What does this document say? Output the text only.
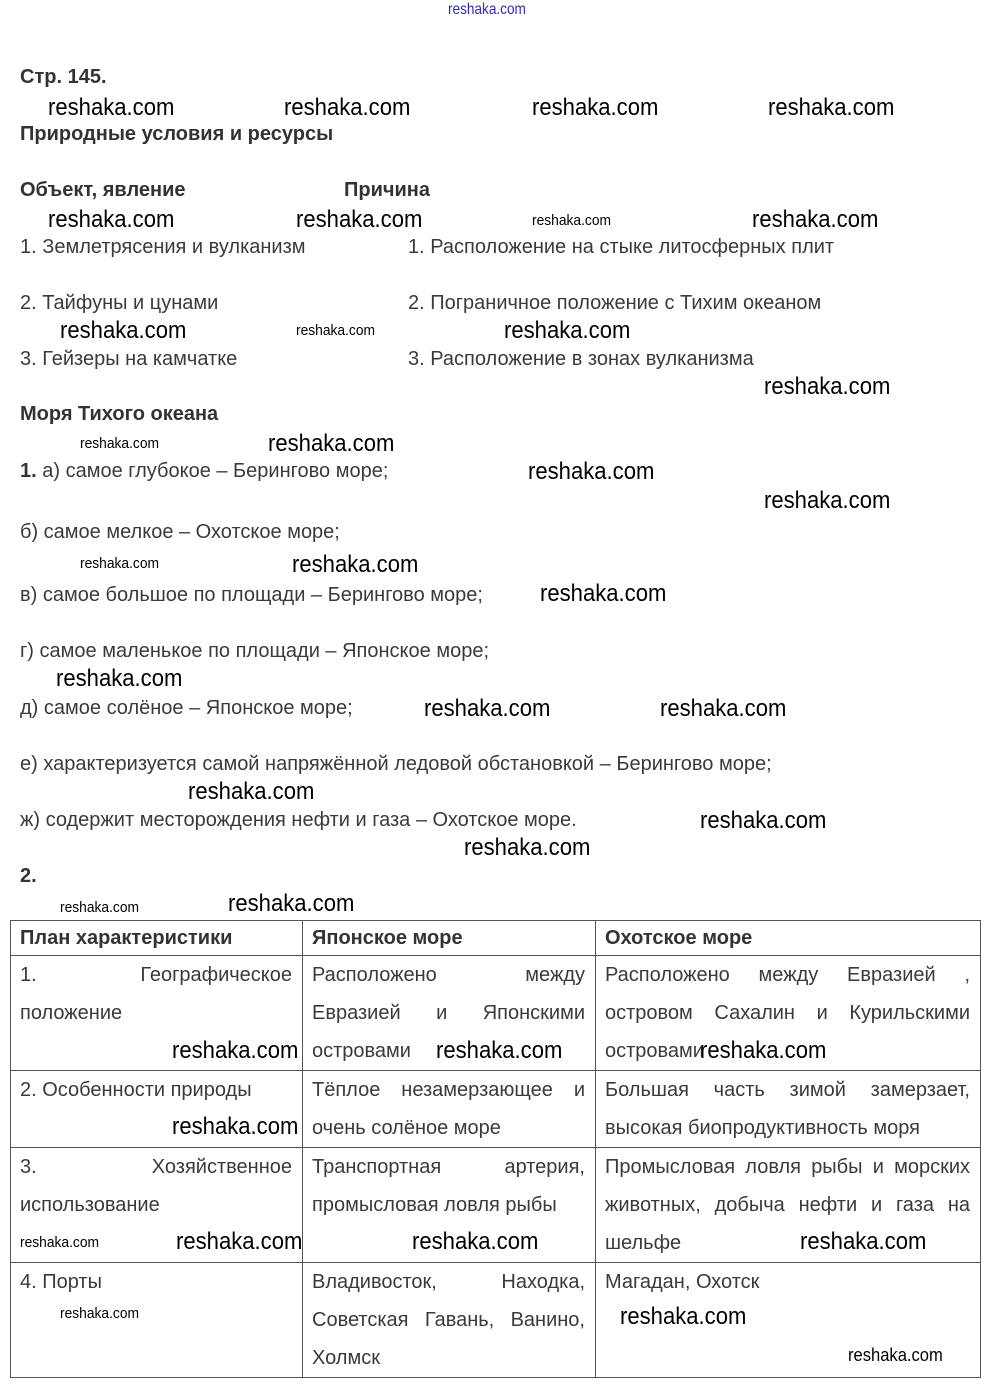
Стр. 145.
Природные условия и ресурсы
Объект, явление	Причина
1. Землетрясения и вулканизм	1. Расположение на стыке литосферных плит
2. Тайфуны и цунами	2. Пограничное положение с Тихим океаном
3. Гейзеры на камчатке	3. Расположение в зонах вулканизма
Моря Тихого океана
1. а) самое глубокое – Берингово море;
б) самое мелкое – Охотское море;
в) самое большое по площади – Берингово море;
г) самое маленькое по площади – Японское море;
д) самое солёное – Японское море;
е) характеризуется самой напряжённой ледовой обстановкой – Берингово море;
ж) содержит месторождения нефти и газа – Охотское море.
2.
План характеристики	Японское море	Охотское море
1. Географическое положение	Расположено между Евразией и Японскими островами	Расположено между Евразией , островом Сахалин и Курильскими островами
2. Особенности природы	Тёплое незамерзающее и очень солёное море	Большая часть зимой замерзает, высокая биопродуктивность моря
3. Хозяйственное использование	Транспортная артерия, промысловая ловля рыбы	Промысловая ловля рыбы и морских животных, добыча нефти и газа на шельфе
4. Порты	Владивосток, Находка, Советская Гавань, Ванино, Холмск	Магадан, Охотск
reshaka.com
reshaka.com	reshaka.com	reshaka.com	reshaka.com
reshaka.com	reshaka.com	reshaka.com	reshaka.com
reshaka.com	reshaka.com	reshaka.com
reshaka.com
reshaka.com	reshaka.com
reshaka.com
reshaka.com
reshaka.com	reshaka.com
reshaka.com
reshaka.com
reshaka.com	reshaka.com
reshaka.com
reshaka.com
reshaka.com
reshaka.com	reshaka.com
reshaka.com	reshaka.com	reshaka.com
reshaka.com
reshaka.com	reshaka.com	reshaka.com	reshaka.com
reshaka.com	reshaka.com
reshaka.com
